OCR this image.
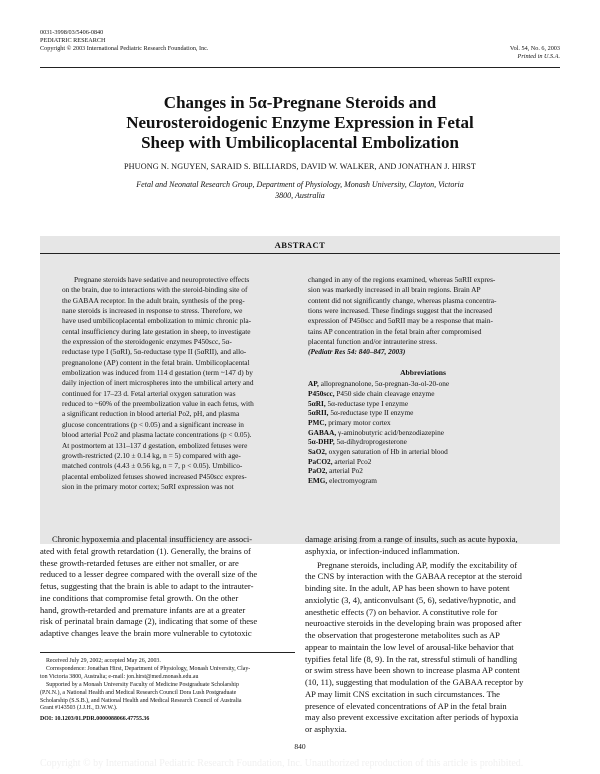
0031-3998/03/5406-0840
PEDIATRIC RESEARCH
Copyright © 2003 International Pediatric Research Foundation, Inc.	Vol. 54, No. 6, 2003
Printed in U.S.A.
Changes in 5α-Pregnane Steroids and
Neurosteroidogenic Enzyme Expression in Fetal
Sheep with Umbilicoplacental Embolization
PHUONG N. NGUYEN, SARAID S. BILLIARDS, DAVID W. WALKER, AND JONATHAN J. HIRST
Fetal and Neonatal Research Group, Department of Physiology, Monash University, Clayton, Victoria
3800, Australia
ABSTRACT
Pregnane steroids have sedative and neuroprotective effects
on the brain, due to interactions with the steroid-binding site of
the GABAA receptor. In the adult brain, synthesis of the preg-
nane steroids is increased in response to stress. Therefore, we
have used umbilicoplacental embolization to mimic chronic pla-
cental insufficiency during late gestation in sheep, to investigate
the expression of the steroidogenic enzymes P450scc, 5α-
reductase type I (5αRI), 5α-reductase type II (5αRII), and allo-
pregnanolone (AP) content in the fetal brain. Umbilicoplacental
embolization was induced from 114 d gestation (term ~147 d) by
daily injection of inert microspheres into the umbilical artery and
continued for 17–23 d. Fetal arterial oxygen saturation was
reduced to ~60% of the preembolization value in each fetus, with
a significant reduction in blood arterial Po2, pH, and plasma
glucose concentrations (p < 0.05) and a significant increase in
blood arterial Pco2 and plasma lactate concentrations (p < 0.05).
At postmortem at 131–137 d gestation, embolized fetuses were
growth-restricted (2.10 ± 0.14 kg, n = 5) compared with age-
matched controls (4.43 ± 0.56 kg, n = 7, p < 0.05). Umbilico-
placental embolized fetuses showed increased P450scc expres-
sion in the primary motor cortex; 5αRI expression was not
changed in any of the regions examined, whereas 5αRII expres-
sion was markedly increased in all brain regions. Brain AP
content did not significantly change, whereas plasma concentra-
tions were increased. These findings suggest that the increased
expression of P450scc and 5αRII may be a response that main-
tains AP concentration in the fetal brain after compromised
placental function and/or intrauterine stress.
(Pediatr Res 54: 840–847, 2003)
Abbreviations
AP, allopregnanolone, 5α-pregnan-3α-ol-20-one
P450scc, P450 side chain cleavage enzyme
5αRI, 5α-reductase type I enzyme
5αRII, 5α-reductase type II enzyme
PMC, primary motor cortex
GABAA, γ-aminobutyric acid/benzodiazepine
5α-DHP, 5α-dihydroprogesterone
SaO2, oxygen saturation of Hb in arterial blood
PaCO2, arterial Pco2
PaO2, arterial Po2
EMG, electromyogram
Chronic hypoxemia and placental insufficiency are associ-
ated with fetal growth retardation (1). Generally, the brains of
these growth-retarded fetuses are either not smaller, or are
reduced to a lesser degree compared with the overall size of the
fetus, suggesting that the brain is able to adapt to the intrauter-
ine conditions that compromise fetal growth. On the other
hand, growth-retarded and premature infants are at a greater
risk of perinatal brain damage (2), indicating that some of these
adaptive changes leave the brain more vulnerable to cytotoxic
damage arising from a range of insults, such as acute hypoxia,
asphyxia, or infection-induced inflammation.
Pregnane steroids, including AP, modify the excitability of
the CNS by interaction with the GABAA receptor at the steroid
binding site. In the adult, AP has been shown to have potent
anxiolytic (3, 4), anticonvulsant (5, 6), sedative/hypnotic, and
anesthetic effects (7) on behavior. A constitutive role for
neuroactive steroids in the developing brain was proposed after
the observation that progesterone metabolites such as AP
appear to maintain the low level of arousal-like behavior that
typifies fetal life (8, 9). In the rat, stressful stimuli of handling
or swim stress have been shown to increase plasma AP content
(10, 11), suggesting that modulation of the GABAA receptor by
AP may limit CNS excitation in such circumstances. The
presence of elevated concentrations of AP in the fetal brain
may also prevent excessive excitation after periods of hypoxia
or asphyxia.

Received July 29, 2002; accepted May 26, 2003.

Correspondence: Jonathan Hirst, Department of Physiology, Monash University, Clay-

ton Victoria 3800, Australia; e-mail: jon.hirst@med.monash.edu.au

Supported by a Monash University Faculty of Medicine Postgraduate Scholarship

(P.N.N.), a National Health and Medical Research Council Dora Lush Postgraduate
Scholarship (S.S.B.), and National Health and Medical Research Council of Australia
Grant #143503 (J.J.H., D.W.W.).
DOI: 10.1203/01.PDR.0000088066.47755.36
840
Copyright © by International Pediatric Research Foundation, Inc. Unauthorized reproduction of this article is prohibited.
